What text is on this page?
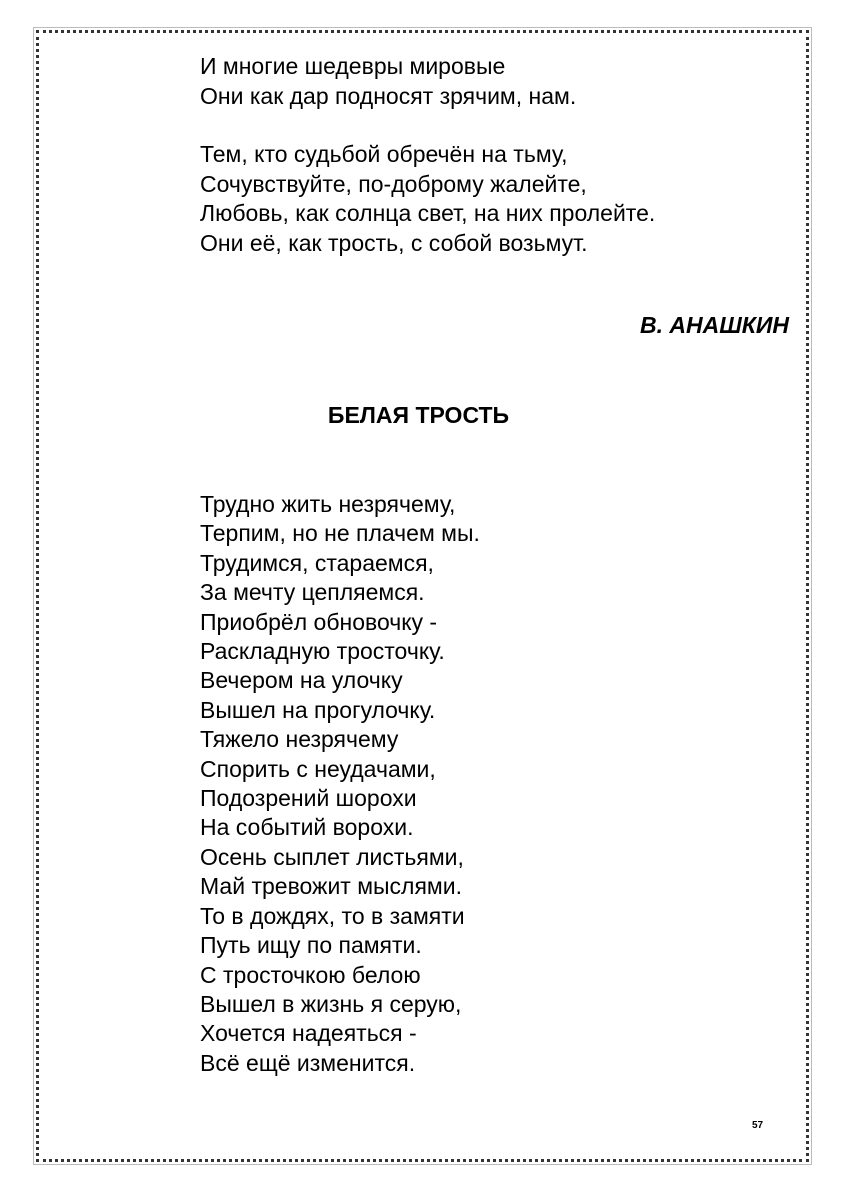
И многие шедевры мировые
Они как дар подносят зрячим, нам.
Тем, кто судьбой обречён на тьму,
Сочувствуйте, по-доброму жалейте,
Любовь, как солнца свет, на них пролейте.
Они её, как трость, с собой возьмут.

В. АНАШКИН

БЕЛАЯ ТРОСТЬ
Трудно жить незрячему,
Терпим, но не плачем мы.
Трудимся, стараемся,
За мечту цепляемся.
Приобрёл обновочку -
Раскладную тросточку.
Вечером на улочку
Вышел на прогулочку.
Тяжело незрячему
Спорить с неудачами,
Подозрений шорохи
На событий ворохи.
Осень сыплет листьями,
Май тревожит мыслями.
То в дождях, то в замяти
Путь ищу по памяти.
С тросточкою белою
Вышел в жизнь я серую,
Хочется надеяться -
Всё ещё изменится.
57
